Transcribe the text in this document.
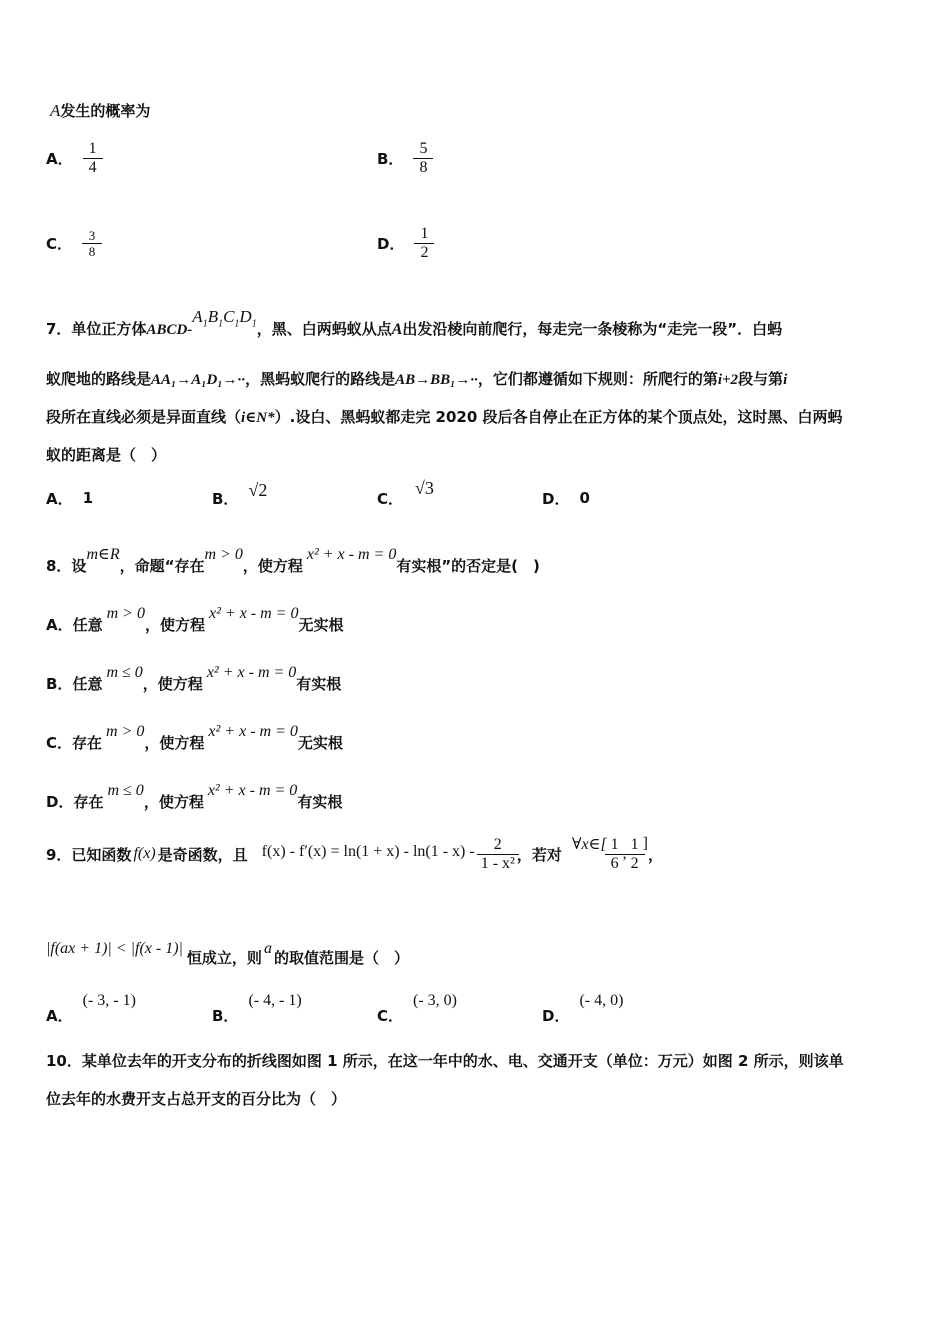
A发生的概率为
A． $\frac{1}{4}$	B． $\frac{5}{8}$
C． $\frac{3}{8}$	D． $\frac{1}{2}$
7．单位正方体ABCD-$A_1B_1C_1D_1$，黑、白两蚂蚁从点A出发沿棱向前爬行，每走完一条棱称为“走完一段”．白蚂
蚁爬地的路线是AA₁→A₁D₁→··，黑蚂蚁爬行的路线是AB→BB₁→··，它们都遵循如下规则：所爬行的第i+2段与第i
段所在直线必须是异面直线（i∈N*）.设白、黑蚂蚁都走完 2020 段后各自停止在正方体的某个顶点处，这时黑、白两蚂
蚁的距离是（　）
A． 1	B． √2	C．
√3
D． 0
8．设
m∈R
，命题“存在
m > 0
，使方程
x² + x - m = 0
有实根”的否定是(　)
A． 任意
m > 0
，使方程
x² + x - m = 0
无实根
B． 任意
m ≤ 0
，使方程
x² + x - m = 0
有实根
C． 存在
m > 0
，使方程
x² + x - m = 0
无实根
D． 存在
m ≤ 0
，使方程
x² + x - m = 0
有实根
9．已知函数 f(x) 是奇函数，且 $f(x) - f'(x) = \ln(1 + x) - \ln(1 - x) - \frac{2}{\text{1 - x²}}$ ，若对
∀x∈[ $\frac{1}{6}$ , $\frac{1}{2}$ ]
，
|f(ax + 1)| < |f(x - 1)|
恒成立，则
a
的取值范围是（　）
A．
(- 3, - 1)
B．
(- 4, - 1)
C．
(- 3, 0)
D．
(- 4, 0)
10．某单位去年的开支分布的折线图如图 1 所示，在这一年中的水、电、交通开支（单位：万元）如图 2 所示，则该单
位去年的水费开支占总开支的百分比为（　）
